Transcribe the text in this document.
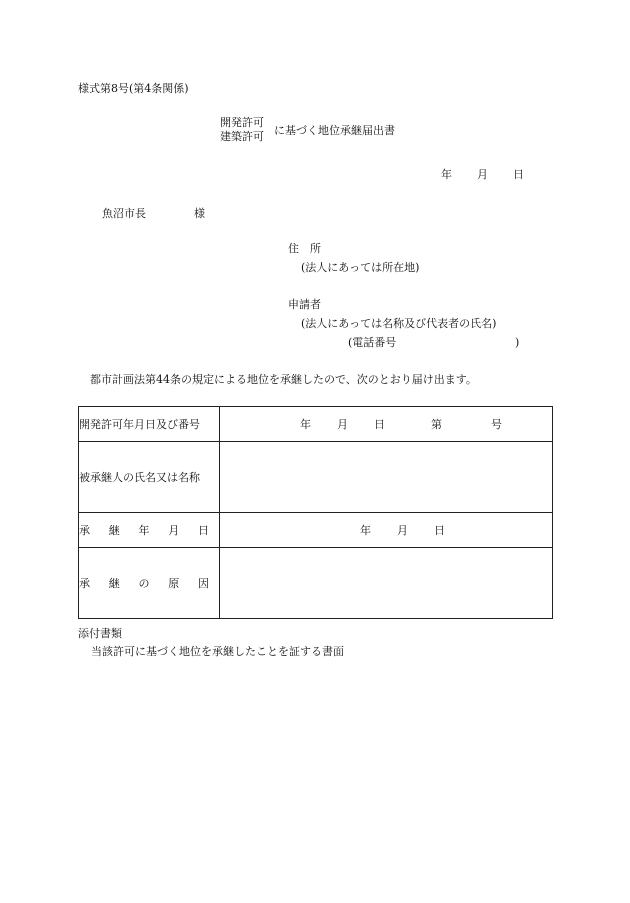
様式第8号(第4条関係)
開発許可
建築許可 に基づく地位承継届出書
年 月 日
魚沼市長	様
住　所
(法人にあっては所在地)
申請者
(法人にあっては名称及び代表者の氏名)
(電話番号	)
都市計画法第44条の規定による地位を承継したので、次のとおり届け出ます。
開発許可年月日及び番号	年 月 日 第 号

被承継人の氏名又は名称	

承 継 年 月 日	年 月 日

承 継 の 原 因	

添付書類
当該許可に基づく地位を承継したことを証する書面
